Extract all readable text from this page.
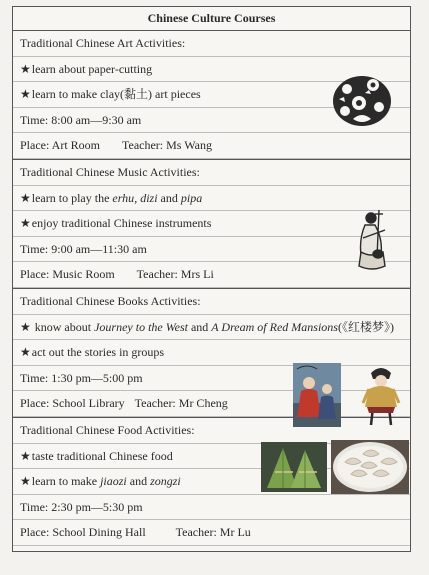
Chinese Culture Courses
Traditional Chinese Art Activities:
★learn about paper-cutting
★learn to make clay(黏土) art pieces
Time: 8:00 am—9:30 am
Place: Art Room Teacher: Ms Wang
Traditional Chinese Music Activities:
★learn to play the erhu, dizi and pipa
★enjoy traditional Chinese instruments
Time: 9:00 am—11:30 am
Place: Music Room Teacher: Mrs Li
Traditional Chinese Books Activities:
★ know about Journey to the West and A Dream of Red Mansions(《红楼梦》)
★act out the stories in groups
Time: 1:30 pm—5:00 pm
Place: School Library Teacher: Mr Cheng
Traditional Chinese Food Activities:
★taste traditional Chinese food
★learn to make jiaozi and zongzi
Time: 2:30 pm—5:30 pm
Place: School Dining Hall	Teacher: Mr Lu
